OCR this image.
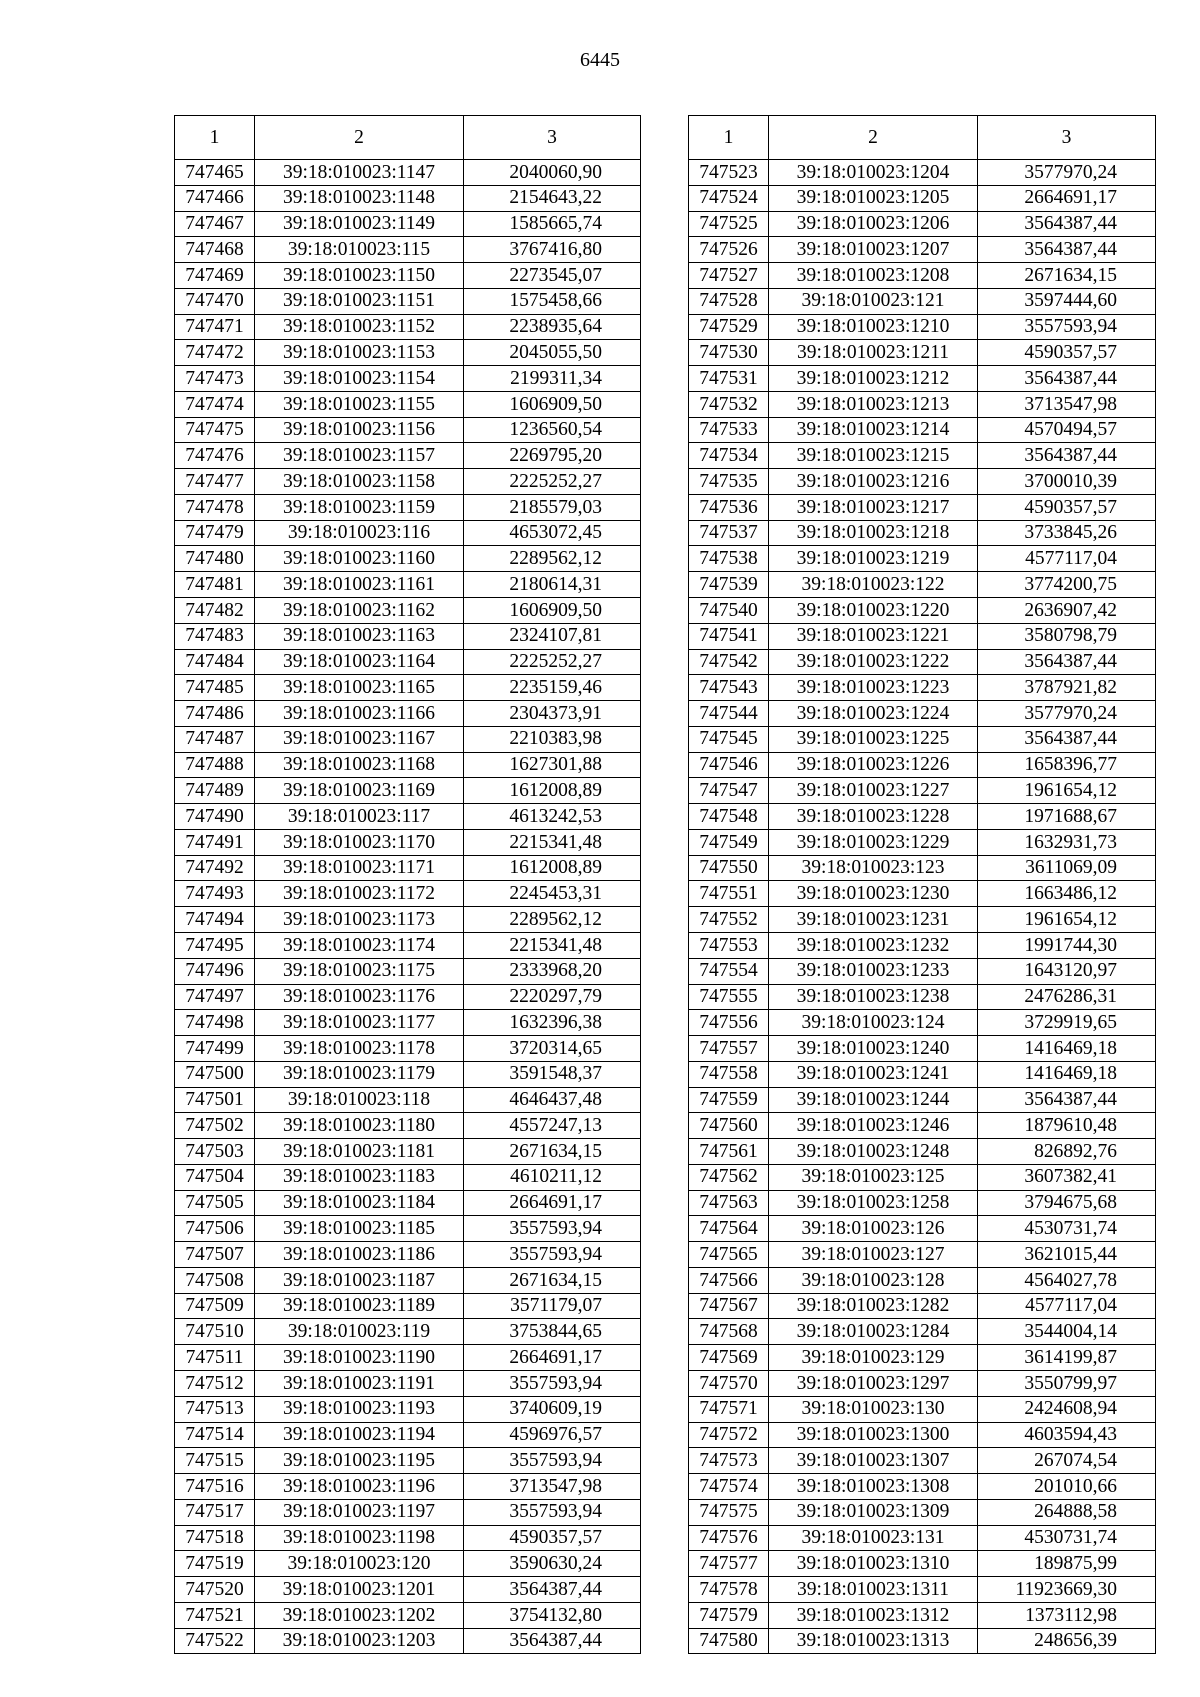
6445
1	2	3
747465	39:18:010023:1147	2040060,90
747466	39:18:010023:1148	2154643,22
747467	39:18:010023:1149	1585665,74
747468	39:18:010023:115	3767416,80
747469	39:18:010023:1150	2273545,07
747470	39:18:010023:1151	1575458,66
747471	39:18:010023:1152	2238935,64
747472	39:18:010023:1153	2045055,50
747473	39:18:010023:1154	2199311,34
747474	39:18:010023:1155	1606909,50
747475	39:18:010023:1156	1236560,54
747476	39:18:010023:1157	2269795,20
747477	39:18:010023:1158	2225252,27
747478	39:18:010023:1159	2185579,03
747479	39:18:010023:116	4653072,45
747480	39:18:010023:1160	2289562,12
747481	39:18:010023:1161	2180614,31
747482	39:18:010023:1162	1606909,50
747483	39:18:010023:1163	2324107,81
747484	39:18:010023:1164	2225252,27
747485	39:18:010023:1165	2235159,46
747486	39:18:010023:1166	2304373,91
747487	39:18:010023:1167	2210383,98
747488	39:18:010023:1168	1627301,88
747489	39:18:010023:1169	1612008,89
747490	39:18:010023:117	4613242,53
747491	39:18:010023:1170	2215341,48
747492	39:18:010023:1171	1612008,89
747493	39:18:010023:1172	2245453,31
747494	39:18:010023:1173	2289562,12
747495	39:18:010023:1174	2215341,48
747496	39:18:010023:1175	2333968,20
747497	39:18:010023:1176	2220297,79
747498	39:18:010023:1177	1632396,38
747499	39:18:010023:1178	3720314,65
747500	39:18:010023:1179	3591548,37
747501	39:18:010023:118	4646437,48
747502	39:18:010023:1180	4557247,13
747503	39:18:010023:1181	2671634,15
747504	39:18:010023:1183	4610211,12
747505	39:18:010023:1184	2664691,17
747506	39:18:010023:1185	3557593,94
747507	39:18:010023:1186	3557593,94
747508	39:18:010023:1187	2671634,15
747509	39:18:010023:1189	3571179,07
747510	39:18:010023:119	3753844,65
747511	39:18:010023:1190	2664691,17
747512	39:18:010023:1191	3557593,94
747513	39:18:010023:1193	3740609,19
747514	39:18:010023:1194	4596976,57
747515	39:18:010023:1195	3557593,94
747516	39:18:010023:1196	3713547,98
747517	39:18:010023:1197	3557593,94
747518	39:18:010023:1198	4590357,57
747519	39:18:010023:120	3590630,24
747520	39:18:010023:1201	3564387,44
747521	39:18:010023:1202	3754132,80
747522	39:18:010023:1203	3564387,44
1	2	3
747523	39:18:010023:1204	3577970,24
747524	39:18:010023:1205	2664691,17
747525	39:18:010023:1206	3564387,44
747526	39:18:010023:1207	3564387,44
747527	39:18:010023:1208	2671634,15
747528	39:18:010023:121	3597444,60
747529	39:18:010023:1210	3557593,94
747530	39:18:010023:1211	4590357,57
747531	39:18:010023:1212	3564387,44
747532	39:18:010023:1213	3713547,98
747533	39:18:010023:1214	4570494,57
747534	39:18:010023:1215	3564387,44
747535	39:18:010023:1216	3700010,39
747536	39:18:010023:1217	4590357,57
747537	39:18:010023:1218	3733845,26
747538	39:18:010023:1219	4577117,04
747539	39:18:010023:122	3774200,75
747540	39:18:010023:1220	2636907,42
747541	39:18:010023:1221	3580798,79
747542	39:18:010023:1222	3564387,44
747543	39:18:010023:1223	3787921,82
747544	39:18:010023:1224	3577970,24
747545	39:18:010023:1225	3564387,44
747546	39:18:010023:1226	1658396,77
747547	39:18:010023:1227	1961654,12
747548	39:18:010023:1228	1971688,67
747549	39:18:010023:1229	1632931,73
747550	39:18:010023:123	3611069,09
747551	39:18:010023:1230	1663486,12
747552	39:18:010023:1231	1961654,12
747553	39:18:010023:1232	1991744,30
747554	39:18:010023:1233	1643120,97
747555	39:18:010023:1238	2476286,31
747556	39:18:010023:124	3729919,65
747557	39:18:010023:1240	1416469,18
747558	39:18:010023:1241	1416469,18
747559	39:18:010023:1244	3564387,44
747560	39:18:010023:1246	1879610,48
747561	39:18:010023:1248	826892,76
747562	39:18:010023:125	3607382,41
747563	39:18:010023:1258	3794675,68
747564	39:18:010023:126	4530731,74
747565	39:18:010023:127	3621015,44
747566	39:18:010023:128	4564027,78
747567	39:18:010023:1282	4577117,04
747568	39:18:010023:1284	3544004,14
747569	39:18:010023:129	3614199,87
747570	39:18:010023:1297	3550799,97
747571	39:18:010023:130	2424608,94
747572	39:18:010023:1300	4603594,43
747573	39:18:010023:1307	267074,54
747574	39:18:010023:1308	201010,66
747575	39:18:010023:1309	264888,58
747576	39:18:010023:131	4530731,74
747577	39:18:010023:1310	189875,99
747578	39:18:010023:1311	11923669,30
747579	39:18:010023:1312	1373112,98
747580	39:18:010023:1313	248656,39
